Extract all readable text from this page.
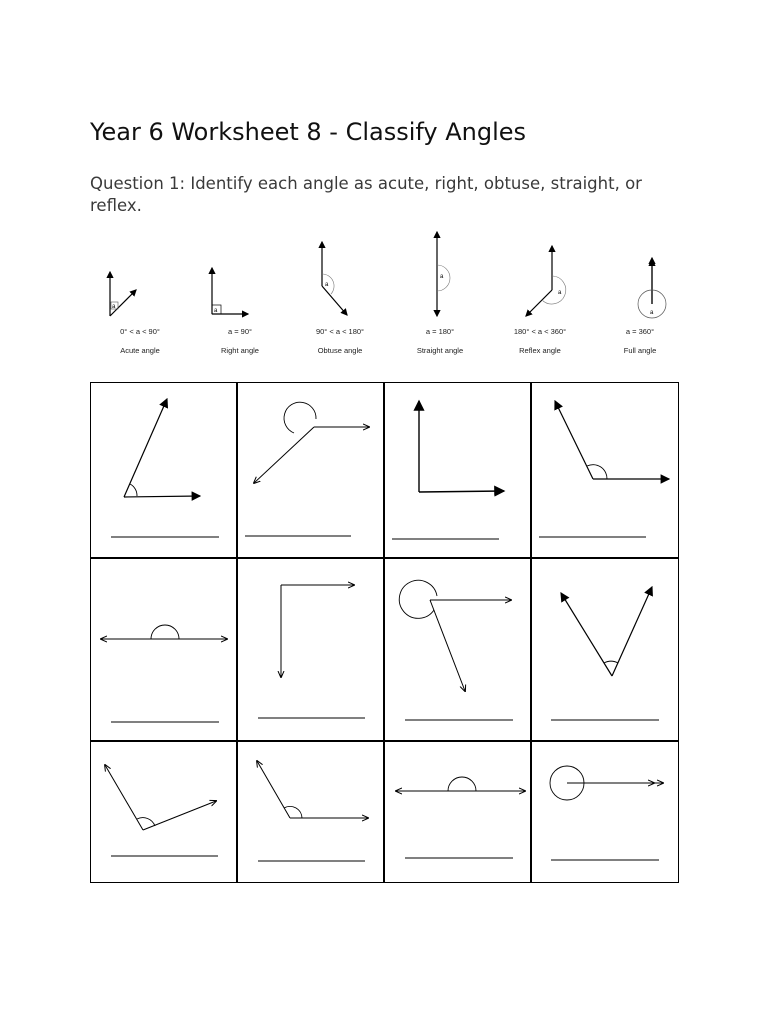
Year 6 Worksheet 8 - Classify Angles
Question 1: Identify each angle as acute, right, obtuse, straight, or reflex.
a
0° < a < 90°
Acute angle
a
a = 90°
Right angle
a
90° < a < 180°
Obtuse angle
a
a = 180°
Straight angle
a
180° < a < 360°
Reflex angle
a
a = 360°
Full angle
